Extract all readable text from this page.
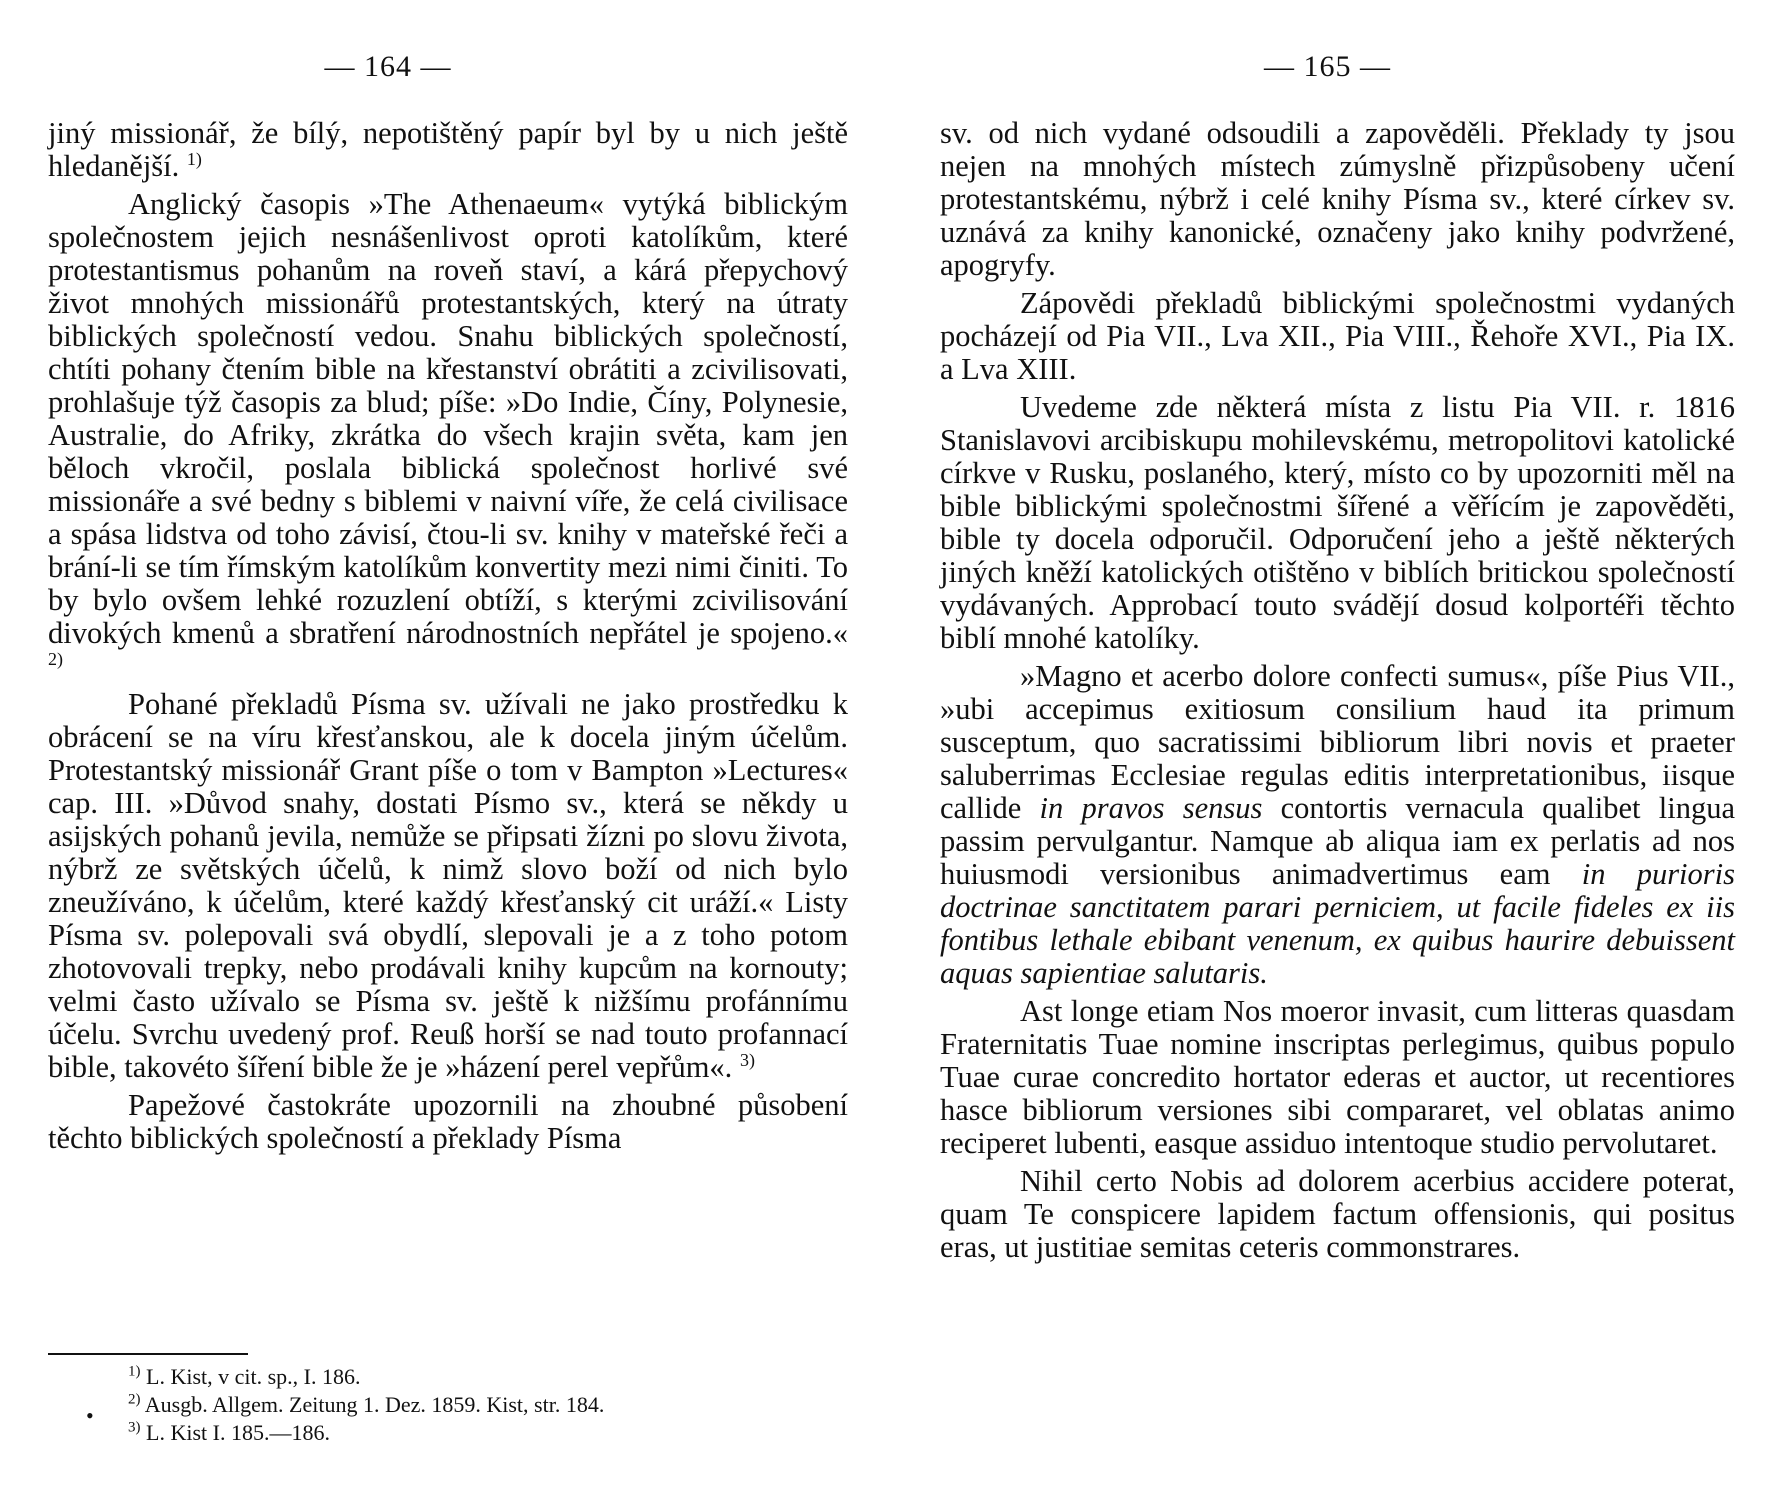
— 164 —

jiný missionář, že bílý, nepotištěný papír byl by u nich ještě hledanější. $^{1)}$

Anglický časopis »The Athenaeum« vytýká biblickým společnostem jejich nesnášenlivost oproti katolíkům, které protestantismus pohanům na roveň staví, a kárá přepychový život mnohých missionářů protestantských, který na útraty biblických společností vedou. Snahu biblických společností, chtíti pohany čtením bible na křestanství obrátiti a zcivilisovati, prohlašuje týž časopis za blud; píše: »Do Indie, Číny, Polynesie, Australie, do Afriky, zkrátka do všech krajin světa, kam jen běloch vkročil, poslala biblická společnost horlivé své missionáře a své bedny s biblemi v naivní víře, že celá civilisace a spása lidstva od toho závisí, čtou-li sv. knihy v mateřské řeči a brání-li se tím římským katolíkům konvertity mezi nimi činiti. To by bylo ovšem lehké rozuzlení obtíží, s kterými zcivilisování divokých kmenů a sbratření národnostních nepřátel je spojeno.« $^{2)}$

Pohané překladů Písma sv. užívali ne jako prostředku k obrácení se na víru křesťanskou, ale k docela jiným účelům. Protestantský missionář Grant píše o tom v Bampton »Lectures« cap. III. »Důvod snahy, dostati Písmo sv., která se někdy u asijských pohanů jevila, nemůže se připsati žízni po slovu života, nýbrž ze světských účelů, k nimž slovo boží od nich bylo zneužíváno, k účelům, které každý křesťanský cit uráží.« Listy Písma sv. polepovali svá obydlí, slepovali je a z toho potom zhotovovali trepky, nebo prodávali knihy kupcům na kornouty; velmi často užívalo se Písma sv. ještě k nižšímu profánnímu účelu. Svrchu uvedený prof. Reuß horší se nad touto profannací bible, takovéto šíření bible že je »házení perel vepřům«. $^{3)}$

Papežové častokráte upozornili na zhoubné působení těchto biblických společností a překlady Písma

•

$^{1)}$ L. Kist, v cit. sp., I. 186.

$^{2)}$ Ausgb. Allgem. Zeitung 1. Dez. 1859. Kist, str. 184.

$^{3)}$ L. Kist I. 185.—186.

— 165 —

sv. od nich vydané odsoudili a zapověděli. Překlady ty jsou nejen na mnohých místech zúmyslně přizpůsobeny učení protestantskému, nýbrž i celé knihy Písma sv., které církev sv. uznává za knihy kanonické, označeny jako knihy podvržené, apogryfy.

Zápovědi překladů biblickými společnostmi vydaných pocházejí od Pia VII., Lva XII., Pia VIII., Řehoře XVI., Pia IX. a Lva XIII.

Uvedeme zde některá místa z listu Pia VII. r. 1816 Stanislavovi arcibiskupu mohilevskému, metropolitovi katolické církve v Rusku, poslaného, který, místo co by upozorniti měl na bible biblickými společnostmi šířené a věřícím je zapověděti, bible ty docela odporučil. Odporučení jeho a ještě některých jiných kněží katolických otištěno v biblích britickou společností vydávaných. Approbací touto svádějí dosud kolportéři těchto biblí mnohé katolíky.

»Magno et acerbo dolore confecti sumus«, píše Pius VII., »ubi accepimus exitiosum consilium haud ita primum susceptum, quo sacratissimi bibliorum libri novis et praeter saluberrimas Ecclesiae regulas editis interpretationibus, iisque callide in pravos sensus contortis vernacula qualibet lingua passim pervulgantur. Namque ab aliqua iam ex perlatis ad nos huiusmodi versionibus animadvertimus eam in purioris doctrinae sanctitatem parari perniciem, ut facile fideles ex iis fontibus lethale ebibant venenum, ex quibus haurire debuissent aquas sapientiae salutaris.

Ast longe etiam Nos moeror invasit, cum litteras quasdam Fraternitatis Tuae nomine inscriptas perlegimus, quibus populo Tuae curae concredito hortator ederas et auctor, ut recentiores hasce bibliorum versiones sibi compararet, vel oblatas animo reciperet lubenti, easque assiduo intentoque studio pervolutaret.

Nihil certo Nobis ad dolorem acerbius accidere poterat, quam Te conspicere lapidem factum offensionis, qui positus eras, ut justitiae semitas ceteris commonstrares.
